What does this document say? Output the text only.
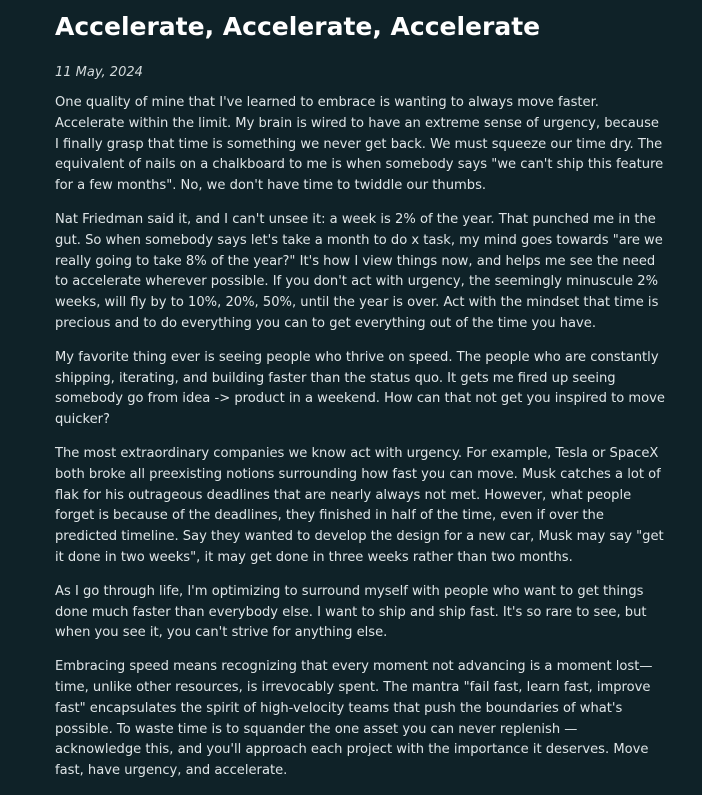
Accelerate, Accelerate, Accelerate
11 May, 2024

One quality of mine that I've learned to embrace is wanting to always move faster. Accelerate within the limit. My brain is wired to have an extreme sense of urgency, because I finally grasp that time is something we never get back. We must squeeze our time dry. The equivalent of nails on a chalkboard to me is when somebody says "we can't ship this feature for a few months". No, we don't have time to twiddle our thumbs.

Nat Friedman said it, and I can't unsee it: a week is 2% of the year. That punched me in the gut. So when somebody says let's take a month to do x task, my mind goes towards "are we really going to take 8% of the year?" It's how I view things now, and helps me see the need to accelerate wherever possible. If you don't act with urgency, the seemingly minuscule 2% weeks, will fly by to 10%, 20%, 50%, until the year is over. Act with the mindset that time is precious and to do everything you can to get everything out of the time you have.

My favorite thing ever is seeing people who thrive on speed. The people who are constantly shipping, iterating, and building faster than the status quo. It gets me fired up seeing somebody go from idea -> product in a weekend. How can that not get you inspired to move quicker?

The most extraordinary companies we know act with urgency. For example, Tesla or SpaceX both broke all preexisting notions surrounding how fast you can move. Musk catches a lot of flak for his outrageous deadlines that are nearly always not met. However, what people forget is because of the deadlines, they finished in half of the time, even if over the predicted timeline. Say they wanted to develop the design for a new car, Musk may say "get it done in two weeks", it may get done in three weeks rather than two months.

As I go through life, I'm optimizing to surround myself with people who want to get things done much faster than everybody else. I want to ship and ship fast. It's so rare to see, but when you see it, you can't strive for anything else.

Embracing speed means recognizing that every moment not advancing is a moment lost—time, unlike other resources, is irrevocably spent. The mantra "fail fast, learn fast, improve fast" encapsulates the spirit of high-velocity teams that push the boundaries of what's possible. To waste time is to squander the one asset you can never replenish — acknowledge this, and you'll approach each project with the importance it deserves. Move fast, have urgency, and accelerate.
